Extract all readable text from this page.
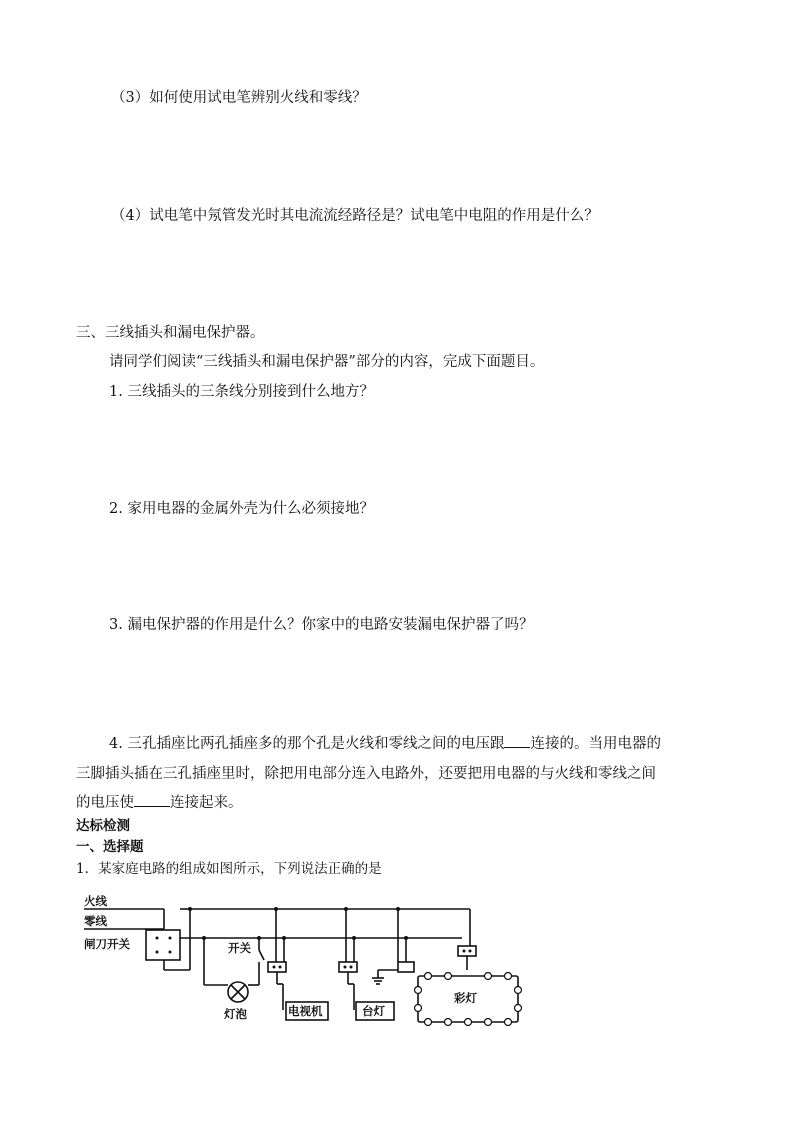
（3）如何使用试电笔辨别火线和零线？
（4）试电笔中氖管发光时其电流流经路径是？试电笔中电阻的作用是什么？
三、三线插头和漏电保护器。
请同学们阅读“三线插头和漏电保护器”部分的内容，完成下面题目。
1. 三线插头的三条线分别接到什么地方？
2. 家用电器的金属外壳为什么必须接地？
3. 漏电保护器的作用是什么？你家中的电路安装漏电保护器了吗？
4. 三孔插座比两孔插座多的那个孔是火线和零线之间的电压跟 连接的。当用电器的
三脚插头插在三孔插座里时，除把用电部分连入电路外，还要把用电器的与火线和零线之间
的电压使 连接起来。
达标检测
一、选择题
1．某家庭电路的组成如图所示，下列说法正确的是
火线
零线
闸刀开关	开关
灯泡	电视机	台灯
彩灯
